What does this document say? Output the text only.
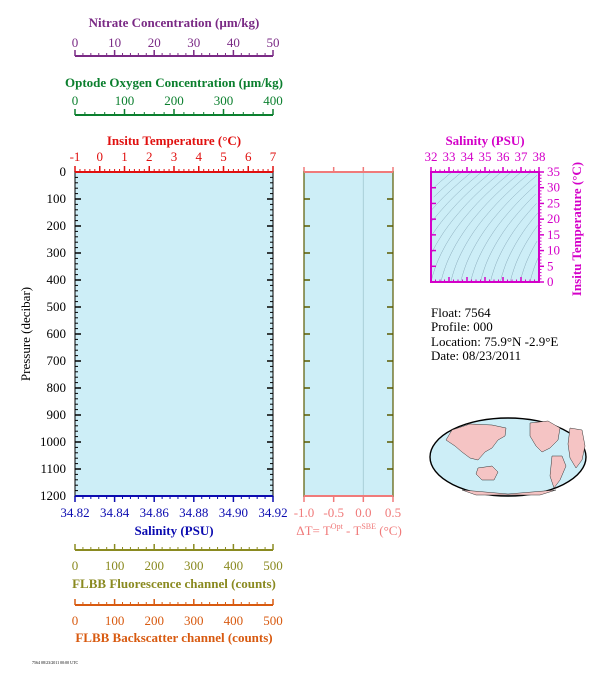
0 10 20 30 40 50
Nitrate Concentration (µm/kg)
0	100 200 300 400
Optode Oxygen Concentration (µm/kg)
-1 0 1 2 3 4 5 6 7
Insitu Temperature (°C)
34.82 34.84 34.86 34.88 34.90 34.92
Salinity (PSU)
0 100 200 300 400 500
FLBB Fluorescence channel (counts)
0 100 200 300 400 500
FLBB Backscatter channel (counts)
0
100
200
300
400
500
600
700
800
900
1000
1100
1200
-1.0 -0.5 0.0 0.5
32 33 34 35 36 37 38
0
5
10
15
20
25
30
35
Pressure (decibar)
$\Delta T= T^{Opt} - T^{SBE}$ (°C)
Salinity (PSU)
Insitu Temperature (°C)
Float: 7564
Profile: 000
Location: 75.9°N -2.9°E
Date: 08/23/2011
7564 08/23/2011 00:00 UTC
